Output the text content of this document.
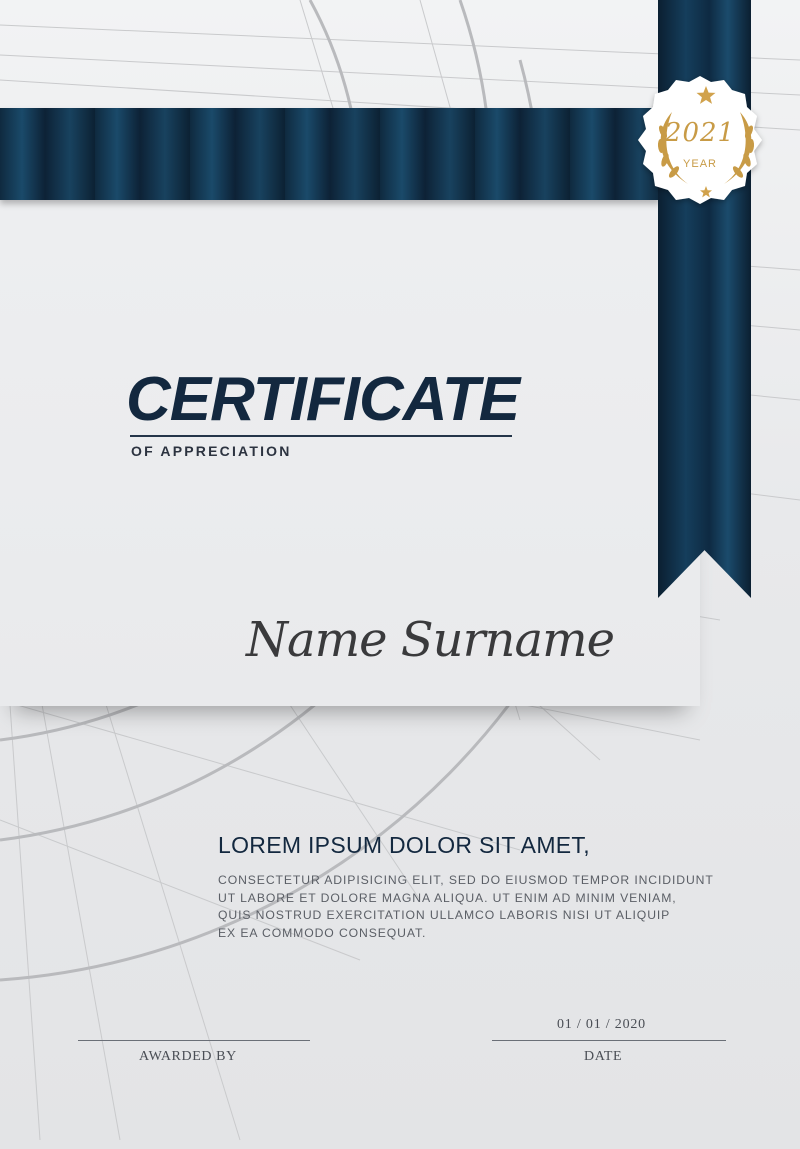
2021
YEAR
CERTIFICATE
OF APPRECIATION
Name Surname
LOREM IPSUM DOLOR SIT AMET,
CONSECTETUR ADIPISICING ELIT, SED DO EIUSMOD TEMPOR INCIDIDUNT
UT LABORE ET DOLORE MAGNA ALIQUA. UT ENIM AD MINIM VENIAM,
QUIS NOSTRUD EXERCITATION ULLAMCO LABORIS NISI UT ALIQUIP
EX EA COMMODO CONSEQUAT.
AWARDED BY
01 / 01 / 2020
DATE
